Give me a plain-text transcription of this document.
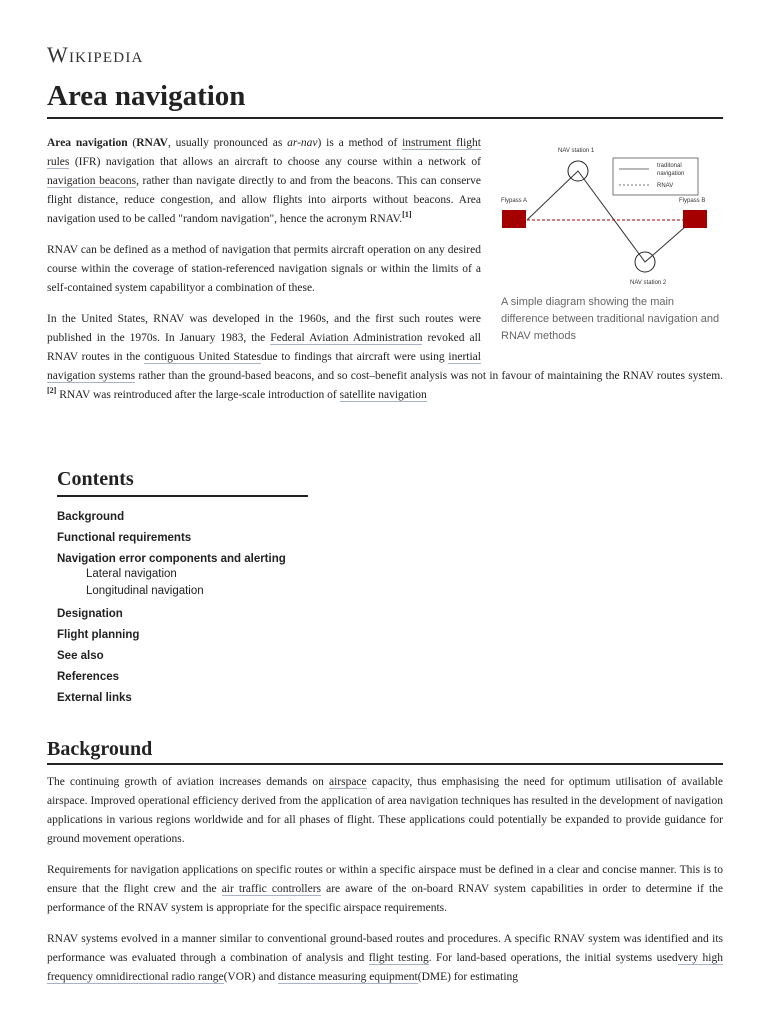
Wikipedia
Area navigation
traditonal
navigation
RNAV
NAV station 1
NAV station 2
Flypass A	Flypass B
A simple diagram showing the main difference between traditional navigation and RNAV methods

Area navigation (RNAV, usually pronounced as ar-nav) is a method of instrument flight rules (IFR) navigation that allows an aircraft to choose any course within a network of navigation beacons, rather than navigate directly to and from the beacons. This can conserve flight distance, reduce congestion, and allow flights into airports without beacons. Area navigation used to be called "random navigation", hence the acronym RNAV.[1]

RNAV can be defined as a method of navigation that permits aircraft operation on any desired course within the coverage of station-referenced navigation signals or within the limits of a self-contained system capabilityor a combination of these.

In the United States, RNAV was developed in the 1960s, and the first such routes were published in the 1970s. In January 1983, the Federal Aviation Administration revoked all RNAV routes in the contiguous United Statesdue to findings that aircraft were using inertial navigation systems rather than the ground-based beacons, and so cost–benefit analysis was not in favour of maintaining the RNAV routes system.[2] RNAV was reintroduced after the large-scale introduction of satellite navigation

Contents
Background
Functional requirements
Navigation error components and alerting
Lateral navigation
Longitudinal navigation
Designation
Flight planning
See also
References
External links
Background

The continuing growth of aviation increases demands on airspace capacity, thus emphasising the need for optimum utilisation of available airspace. Improved operational efficiency derived from the application of area navigation techniques has resulted in the development of navigation applications in various regions worldwide and for all phases of flight. These applications could potentially be expanded to provide guidance for ground movement operations.

Requirements for navigation applications on specific routes or within a specific airspace must be defined in a clear and concise manner. This is to ensure that the flight crew and the air traffic controllers are aware of the on-board RNAV system capabilities in order to determine if the performance of the RNAV system is appropriate for the specific airspace requirements.

RNAV systems evolved in a manner similar to conventional ground-based routes and procedures. A specific RNAV system was identified and its performance was evaluated through a combination of analysis and flight testing. For land-based operations, the initial systems usedvery high frequency omnidirectional radio range(VOR) and distance measuring equipment(DME) for estimating
